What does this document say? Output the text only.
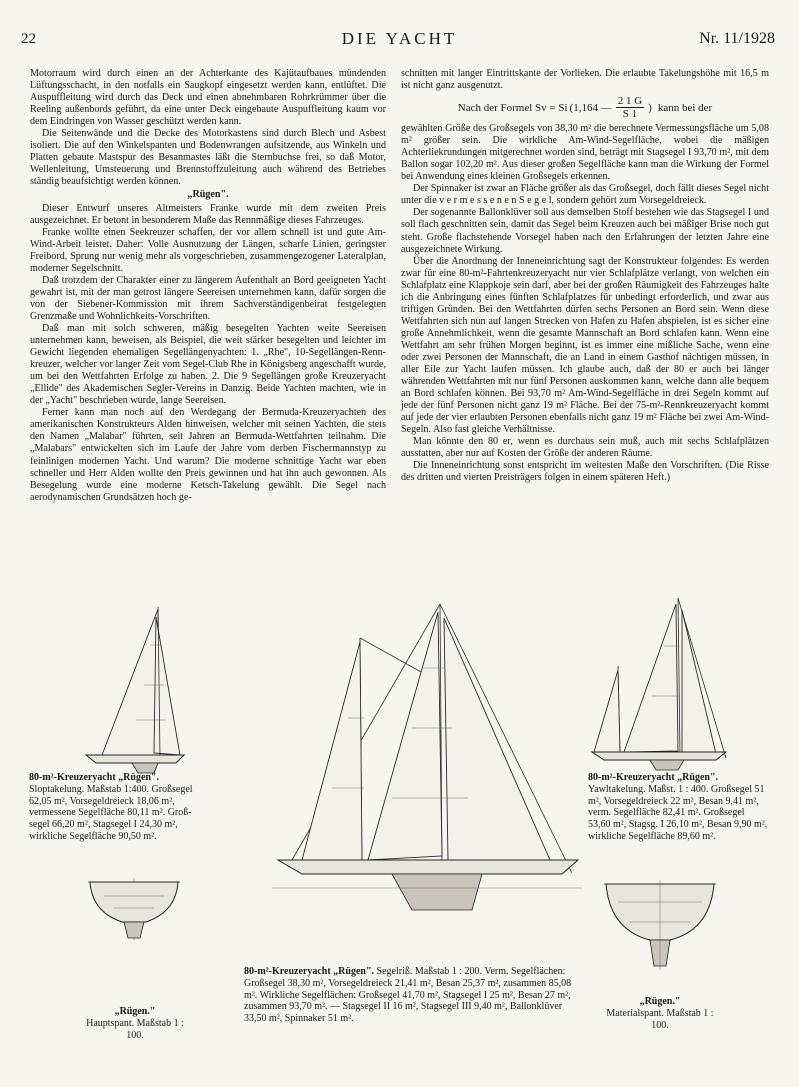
22	DIE YACHT	Nr. 11/1928

Motorraum wird durch einen an der Achterkante des Kajütaufbaues mündenden Lüftungsschacht, in den notfalls ein Saugkopf eingesetzt werden kann, entlüftet. Die Auspuffleitung wird durch das Deck und einen abnehmbaren Rohrkrümmer über die Reeling außenbords geführt, da eine unter Deck eingebaute Auspuffleitung kaum vor dem Eindringen von Wasser geschützt werden kann.

Die Seitenwände und die Decke des Motorkastens sind durch Blech und Asbest isoliert. Die auf den Winkelspanten und Bodenwrangen aufsitzende, aus Winkeln und Platten gebaute Mastspur des Besanmastes läßt die Sternbuchse frei, so daß Motor, Wellenleitung, Umsteuerung und Brennstoffzuleitung auch während des Betriebes ständig beaufsichtigt werden können.

„Rügen".

Dieser Entwurf unseres Altmeisters Franke wurde mit dem zweiten Preis ausgezeichnet. Er betont in besonderem Maße das Rennmäßige dieses Fahrzeuges.

Franke wollte einen Seekreuzer schaffen, der vor allem schnell ist und gute Am-Wind-Arbeit leistet. Daher: Volle Ausnutzung der Längen, scharfe Linien, geringster Freibord, Sprung nur wenig mehr als vorgeschrieben, zusammengezogener Lateralplan, moderner Segelschnitt.

Daß trotzdem der Charakter einer zu längerem Aufenthalt an Bord geeigneten Yacht gewahrt ist, mit der man getrost längere Seereisen unternehmen kann, dafür sorgen die von der Siebener-Kommission mit ihrem Sachverständigenbeirat festgelegten Grenzmaße und Wohnlichkeits-Vorschriften.

Daß man mit solch schweren, mäßig besegelten Yachten weite Seereisen unternehmen kann, beweisen, als Beispiel, die weit stärker besegelten und leichter im Gewicht liegenden ehemaligen Segellängenyachten: 1. „Rhe", 10-Segellängen-Rennkreuzer, welcher vor langer Zeit vom Segel-Club Rhe in Königsberg angeschafft wurde, um bei den Wettfahrten Erfolge zu haben. 2. Die 9 Segellängen große Kreuzeryacht „Ellide" des Akademischen Segler-Vereins in Danzig. Beide Yachten machten, wie in der „Yacht" beschrieben wurde, lange Seereisen.

Ferner kann man noch auf den Werdegang der Bermuda-Kreuzeryachten des amerikanischen Konstrukteurs Alden hinweisen, welcher mit seinen Yachten, die stets den Namen „Malabar" führten, seit Jahren an Bermuda-Wettfahrten teilnahm. Die „Malabars" entwickelten sich im Laufe der Jahre vom derben Fischermannstyp zu feinlinigen modernen Yacht. Und warum? Die moderne schnittige Yacht war eben schneller und Herr Alden wollte den Preis gewinnen und hat ihn auch gewonnen. Als Besegelung wurde eine moderne Ketsch-Takelung gewählt. Die Segel nach aerodynamischen Grundsätzen hoch ge-

schnitten mit langer Eintrittskante der Vorlieken. Die erlaubte Takelungshöhe mit 16,5 m ist nicht ganz ausgenutzt.

Nach der Formel Sv = Si (1,164 — $\frac{2 1 G}{S 1}$ ) kann bei der

gewählten Größe des Großsegels von 38,30 m² die berechnete Vermessungsfläche um 5,08 m² größer sein. Die wirkliche Am-Wind-Segelfläche, wobei die mäßigen Achterliekrundungen mitgerechnet worden sind, beträgt mit Stagsegel I 93,70 m², mit dem Ballon sogar 102,20 m². Aus dieser großen Segelfläche kann man die Wirkung der Formel bei Anwendung eines kleinen Großsegels erkennen.

Der Spinnaker ist zwar an Fläche größer als das Großsegel, doch fällt dieses Segel nicht unter die v e r m e s s e n e n S e g e l, sondern gehört zum Vorsegeldreieck.

Der sogenannte Ballonklüver soll aus demselben Stoff bestehen wie das Stagsegel I und soll flach geschnitten sein, damit das Segel beim Kreuzen auch bei mäßiger Brise noch gut steht. Große flachstehende Vorsegel haben nach den Erfahrungen der letzten Jahre eine ausgezeichnete Wirkung.

Über die Anordnung der Inneneinrichtung sagt der Konstrukteur folgendes: Es werden zwar für eine 80-m²-Fahrtenkreuzeryacht nur vier Schlafplätze verlangt, von welchen ein Schlafplatz eine Klappkoje sein darf, aber bei der großen Räumigkeit des Fahrzeuges halte ich die Anbringung eines fünften Schlafplatzes für unbedingt erforderlich, und zwar aus triftigen Gründen. Bei den Wettfahrten dürfen sechs Personen an Bord sein. Wenn diese Wettfahrten sich nun auf langen Strecken von Hafen zu Hafen abspielen, ist es sicher eine große Annehmlichkeit, wenn die gesamte Mannschaft an Bord schlafen kann. Wenn eine Wettfahrt am sehr frühen Morgen beginnt, ist es immer eine mißliche Sache, wenn eine oder zwei Personen der Mannschaft, die an Land in einem Gasthof nächtigen müssen, in aller Eile zur Yacht laufen müssen. Ich glaube auch, daß der 80 er auch bei länger währenden Wettfahrten mit nur fünf Personen auskommen kann, welche dann alle bequem an Bord schlafen können. Bei 93,70 m² Am-Wind-Segelfläche in drei Segeln kommt auf jede der fünf Personen nicht ganz 19 m² Fläche. Bei der 75-m²-Rennkreuzeryacht kommt auf jede der vier erlaubten Personen ebenfalls nicht ganz 19 m² Fläche bei zwei Am-Wind-Segeln. Also fast gleiche Verhältnisse.

Man könnte den 80 er, wenn es durchaus sein muß, auch mit sechs Schlafplätzen ausstatten, aber nur auf Kosten der Größe der anderen Räume.

Die Inneneinrichtung sonst entspricht im weitesten Maße den Vorschriften. (Die Risse des dritten und vierten Preisträgers folgen in einem späteren Heft.)

80-m²-Kreuzeryacht „Rügen". Sloptakelung. Maßstab 1:400. Großsegel 62,05 m², Vorsegeldreieck 18,06 m², vermessene Segelfläche 80,11 m². Großsegel 66,20 m², Stagsegel I 24,30 m², wirkliche Segelfläche 90,50 m².
„Rügen."
Hauptspant. Maßstab 1 : 100.
80-m²-Kreuzeryacht „Rügen". Segelriß. Maßstab 1 : 200. Verm. Segelflächen: Großsegel 38,30 m², Vorsegeldreieck 21,41 m², Besan 25,37 m², zusammen 85,08 m². Wirkliche Segelflächen: Großsegel 41,70 m², Stagsegel I 25 m², Besan 27 m², zusammen 93,70 m². — Stagsegel II 16 m², Stagsegel III 9,40 m², Ballonklüver 33,50 m², Spinnaker 51 m².
80-m²-Kreuzeryacht „Rügen". Yawltakelung. Maßst. 1 : 400. Großsegel 51 m², Vorsegeldreieck 22 m², Besan 9,41 m², verm. Segelfläche 82,41 m². Großsegel 53,60 m², Stagsg. I 26,10 m², Besan 9,90 m², wirkliche Segelfläche 89,60 m².
„Rügen."
Materialspant. Maßstab 1 : 100.
